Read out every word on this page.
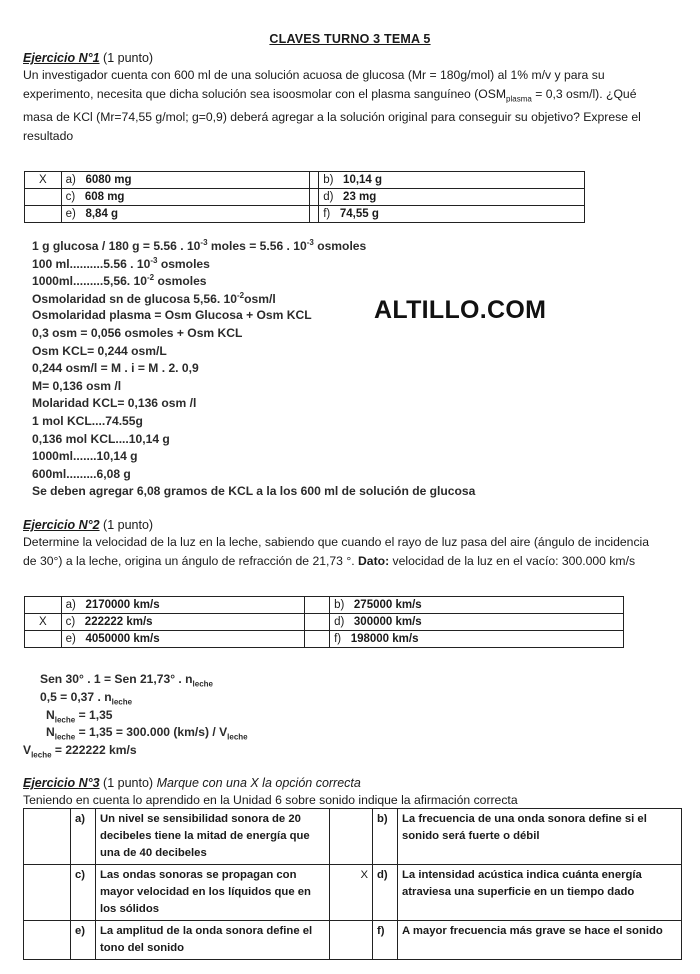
CLAVES TURNO 3 TEMA 5
Ejercicio N°1 (1 punto)
Un investigador cuenta con 600 ml de una solución acuosa de glucosa (Mr = 180g/mol) al 1% m/v y para su
experimento, necesita que dicha solución sea isoosmolar con el plasma sanguíneo ($OSM_{plasma} = 0,3$ osm/l). ¿Qué
masa de KCl (Mr=74,55 g/mol; g=0,9) deberá agregar a la solución original para conseguir su objetivo? Exprese el
resultado
X	a) 6080 mg		b) 10,14 g
	c) 608 mg		d) 23 mg
	e) 8,84 g		f) 74,55 g
1 g glucosa / 180 g = 5.56 . $10^{-3}$ moles = 5.56 . $10^{-3}$ osmoles
100 ml..........5.56 . $10^{-3}$ osmoles
1000ml.........5,56. $10^{-2}$ osmoles
Osmolaridad sn de glucosa 5,56. $10^{-2}osm/l$
Osmolaridad plasma = Osm Glucosa + Osm KCL
0,3 osm = 0,056 osmoles + Osm KCL
Osm KCL= 0,244 osm/L
0,244 osm/l = M . i = M . 2. 0,9
M= 0,136 osm /l
Molaridad KCL= 0,136 osm /l
1 mol KCL....74.55g
0,136 mol KCL....10,14 g
1000ml.......10,14 g
600ml.........6,08 g
Se deben agregar 6,08 gramos de KCL a la los 600 ml de solución de glucosa
ALTILLO.COM
Ejercicio N°2 (1 punto)
Determine la velocidad de la luz en la leche, sabiendo que cuando el rayo de luz pasa del aire (ángulo de incidencia
de 30°) a la leche, origina un ángulo de refracción de 21,73 °. Dato: velocidad de la luz en el vacío: 300.000 km/s
	a) 2170000 km/s		b) 275000 km/s
X	c) 222222 km/s		d) 300000 km/s
	e) 4050000 km/s		f) 198000 km/s
Sen 30° . 1 = Sen 21,73° . $n_{leche}$
0,5 = 0,37 . $n_{leche}$
$N_{leche} = 1,35$
$N_{leche} = 1,35 = 300.000$ $(km/s) / V_{leche}$
$V_{leche} = 222222$ km/s
Ejercicio N°3 (1 punto) Marque con una X la opción correcta
Teniendo en cuenta lo aprendido en la Unidad 6 sobre sonido indique la afirmación correcta
	a)	Un nivel se sensibilidad sonora de 20 decibeles tiene la mitad de energía que una de 40 decibeles		b)	La frecuencia de una onda sonora define si el sonido será fuerte o débil
	c)	Las ondas sonoras se propagan con mayor velocidad en los líquidos que en los sólidos	X	d)	La intensidad acústica indica cuánta energía atraviesa una superficie en un tiempo dado
	e)	La amplitud de la onda sonora define el tono del sonido		f)	A mayor frecuencia más grave se hace el sonido
